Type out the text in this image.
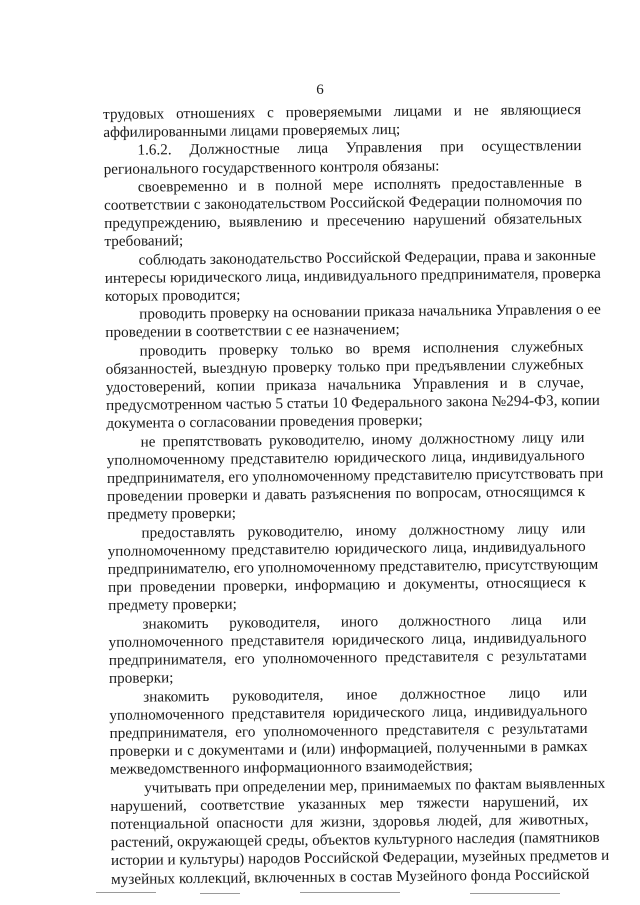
6
трудовых отношениях с проверяемыми лицами и не являющиеся
аффилированными лицами проверяемых лиц;
1.6.2. Должностные лица Управления при осуществлении
регионального государственного контроля обязаны:
своевременно и в полной мере исполнять предоставленные в
соответствии с законодательством Российской Федерации полномочия по
предупреждению, выявлению и пресечению нарушений обязательных
требований;
соблюдать законодательство Российской Федерации, права и законные
интересы юридического лица, индивидуального предпринимателя, проверка
которых проводится;
проводить проверку на основании приказа начальника Управления о ее
проведении в соответствии с ее назначением;
проводить проверку только во время исполнения служебных
обязанностей, выездную проверку только при предъявлении служебных
удостоверений, копии приказа начальника Управления и в случае,
предусмотренном частью 5 статьи 10 Федерального закона №294-ФЗ, копии
документа о согласовании проведения проверки;
не препятствовать руководителю, иному должностному лицу или
уполномоченному представителю юридического лица, индивидуального
предпринимателя, его уполномоченному представителю присутствовать при
проведении проверки и давать разъяснения по вопросам, относящимся к
предмету проверки;
предоставлять руководителю, иному должностному лицу или
уполномоченному представителю юридического лица, индивидуального
предпринимателю, его уполномоченному представителю, присутствующим
при проведении проверки, информацию и документы, относящиеся к
предмету проверки;
знакомить руководителя, иного должностного лица или
уполномоченного представителя юридического лица, индивидуального
предпринимателя, его уполномоченного представителя с результатами
проверки;
знакомить руководителя, иное должностное лицо или
уполномоченного представителя юридического лица, индивидуального
предпринимателя, его уполномоченного представителя с результатами
проверки и с документами и (или) информацией, полученными в рамках
межведомственного информационного взаимодействия;
учитывать при определении мер, принимаемых по фактам выявленных
нарушений, соответствие указанных мер тяжести нарушений, их
потенциальной опасности для жизни, здоровья людей, для животных,
растений, окружающей среды, объектов культурного наследия (памятников
истории и культуры) народов Российской Федерации, музейных предметов и
музейных коллекций, включенных в состав Музейного фонда Российской
